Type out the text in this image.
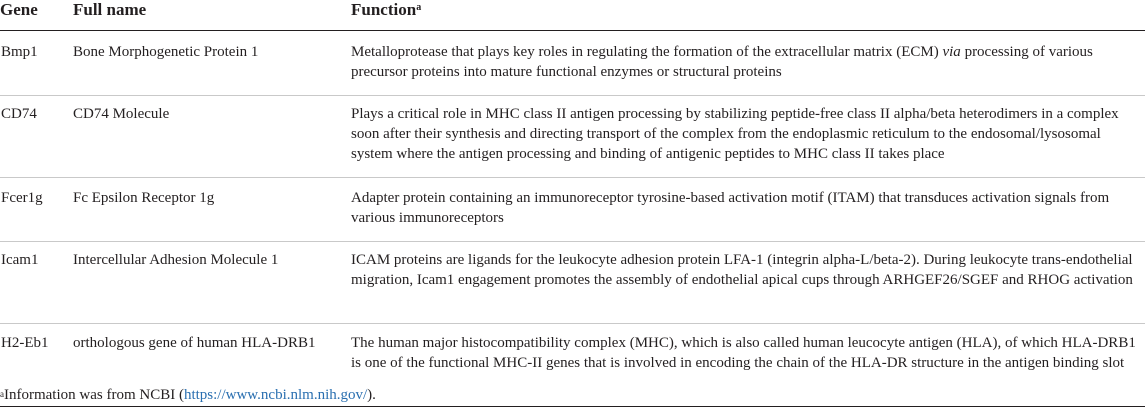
Gene	Full name	Function$^a$
Bmp1	Bone Morphogenetic Protein 1	Metalloprotease that plays key roles in regulating the formation of the extracellular matrix (ECM) via processing of various precursor proteins into mature functional enzymes or structural proteins
CD74	CD74 Molecule	Plays a critical role in MHC class II antigen processing by stabilizing peptide-free class II alpha/beta heterodimers in a complex soon after their synthesis and directing transport of the complex from the endoplasmic reticulum to the endosomal/lysosomal system where the antigen processing and binding of antigenic peptides to MHC class II takes place
Fcer1g	Fc Epsilon Receptor 1g	Adapter protein containing an immunoreceptor tyrosine-based activation motif (ITAM) that transduces activation signals from various immunoreceptors
Icam1	Intercellular Adhesion Molecule 1	ICAM proteins are ligands for the leukocyte adhesion protein LFA-1 (integrin alpha-L/beta-2). During leukocyte trans-endothelial migration, Icam1 engagement promotes the assembly of endothelial apical cups through ARHGEF26/SGEF and RHOG activation
H2-Eb1	orthologous gene of human HLA-DRB1	The human major histocompatibility complex (MHC), which is also called human leucocyte antigen (HLA), of which HLA-DRB1 is one of the functional MHC-II genes that is involved in encoding the chain of the HLA-DR structure in the antigen binding slot
$^a$Information was from NCBI (https://www.ncbi.nlm.nih.gov/).
